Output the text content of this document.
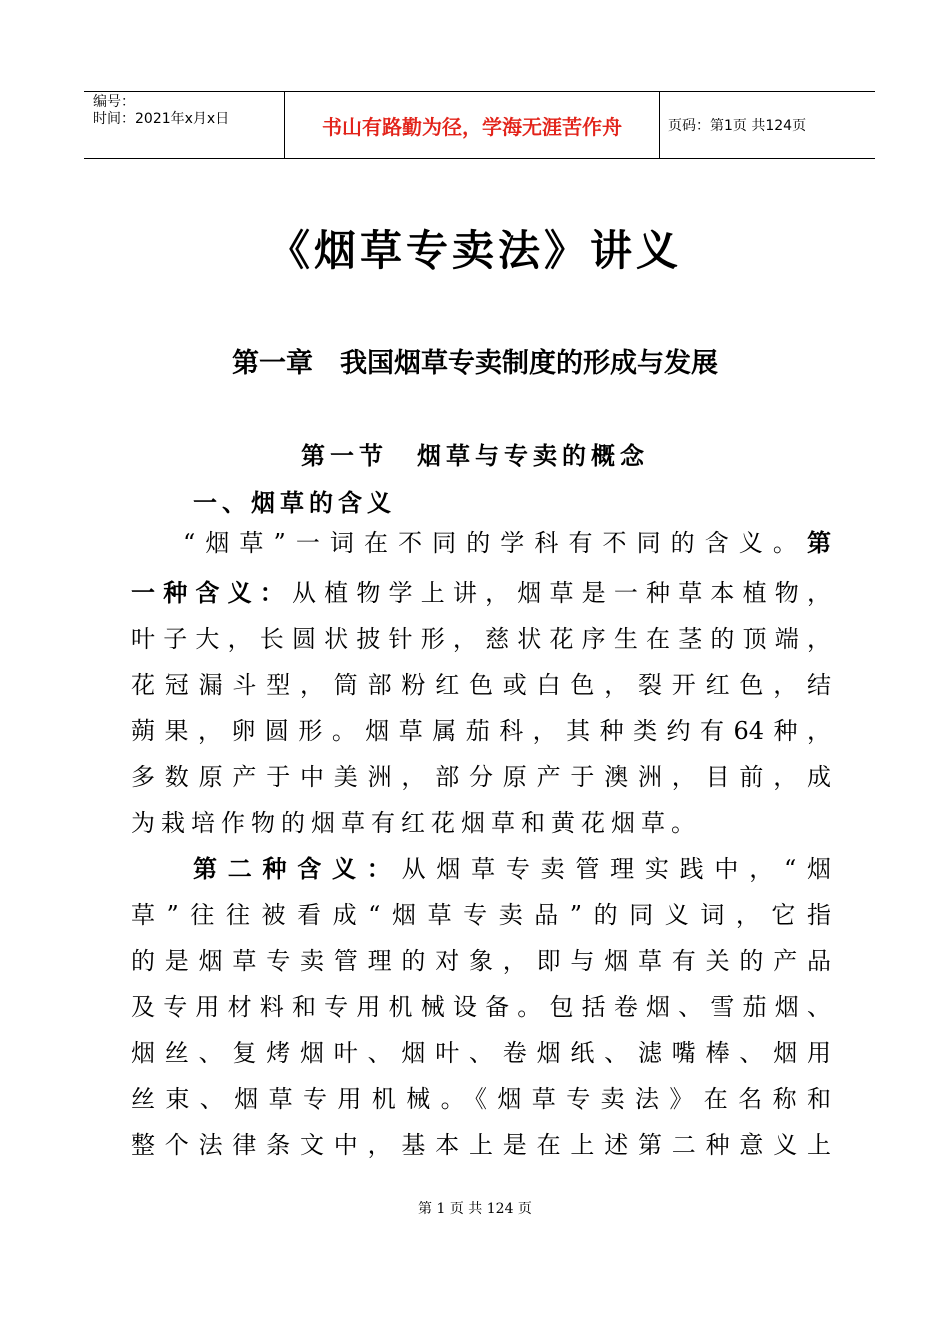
编号：
时间：2021年x月x日	书山有路勤为径，学海无涯苦作舟	页码：第1页 共124页
《烟草专卖法》讲义
第一章　我国烟草专卖制度的形成与发展
第一节　烟草与专卖的概念
一、烟草的含义
“烟草”一词在不同的学科有不同的含义。第
一种含义：从植物学上讲，烟草是一种草本植物，
叶子大，长圆状披针形，慈状花序生在茎的顶端，
花冠漏斗型，筒部粉红色或白色，裂开红色，结
蒴果，卵圆形。烟草属茄科，其种类约有64种，
多数原产于中美洲，部分原产于澳洲，目前，成
为栽培作物的烟草有红花烟草和黄花烟草。
第二种含义：从烟草专卖管理实践中，“烟
草”往往被看成“烟草专卖品”的同义词，它指
的是烟草专卖管理的对象，即与烟草有关的产品
及专用材料和专用机械设备。包括卷烟、雪茄烟、
烟丝、复烤烟叶、烟叶、卷烟纸、滤嘴棒、烟用
丝束、烟草专用机械。《烟草专卖法》在名称和
整个法律条文中，基本上是在上述第二种意义上
第 1 页 共 124 页
